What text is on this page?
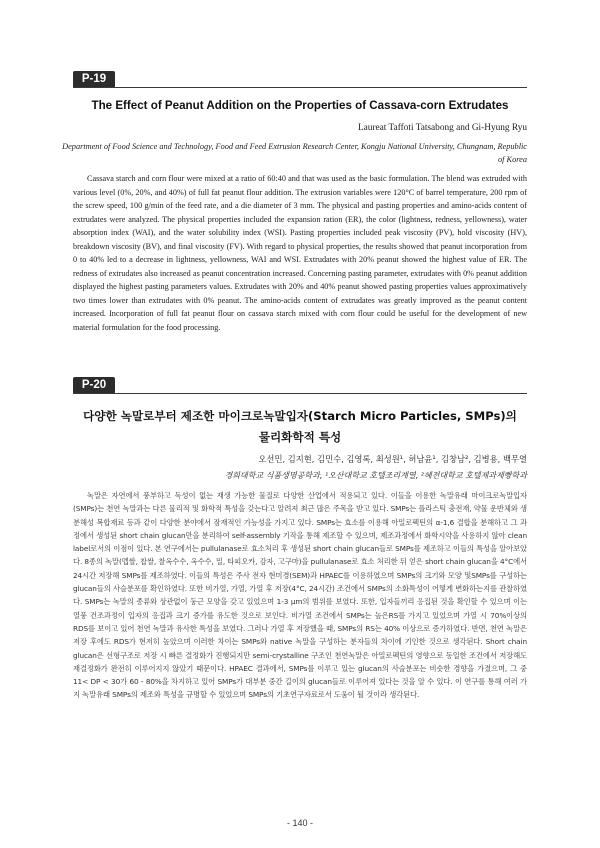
P-19
The Effect of Peanut Addition on the Properties of Cassava-corn Extrudates
Laureat Taffoti Tatsabong and Gi-Hyung Ryu
Department of Food Science and Technology, Food and Feed Extrusion Research Center, Kongju National University, Chungnam, Republic of Korea

Cassava starch and corn flour were mixed at a ratio of 60:40 and that was used as the basic formulation. The blend was extruded with various level (0%, 20%, and 40%) of full fat peanut flour addition. The extrusion variables were 120°C of barrel temperature, 200 rpm of the screw speed, 100 g/min of the feed rate, and a die diameter of 3 mm. The physical and pasting properties and amino-acids content of extrudates were analyzed. The physical properties included the expansion ration (ER), the color (lightness, redness, yellowness), water absorption index (WAI), and the water solubility index (WSI). Pasting properties included peak viscosity (PV), hold viscosity (HV), breakdown viscosity (BV), and final viscosity (FV). With regard to physical properties, the results showed that peanut incorporation from 0 to 40% led to a decrease in lightness, yellowness, WAI and WSI. Extrudates with 20% peanut showed the highest value of ER. The redness of extrudates also increased as peanut concentration increased. Concerning pasting parameter, extrudates with 0% peanut addition displayed the highest pasting parameters values. Extrudates with 20% and 40% peanut showed pasting properties values approximatively two times lower than extrudates with 0% peanut. The amino-acids content of extrudates was greatly improved as the peanut content increased. Incorporation of full fat peanut flour on cassava starch mixed with corn flour could be useful for the development of new material formulation for the food processing.

P-20
다양한 녹말로부터 제조한 마이크로녹말입자(Starch Micro Particles, SMPs)의
물리화학적 특성
오선민, 김지현, 김민수, 김영록, 최성원¹, 허남윤¹, 김창남², 김병용, 백무열
경희대학교 식품생명공학과, ¹오산대학교 호텔조리계열, ²혜전대학교 호텔제과제빵학과

녹말은 자연에서 풍부하고 독성이 없는 재생 가능한 물질로 다양한 산업에서 적용되고 있다. 이들을 이용한 녹말유래 마이크로녹말입자(SMPs)는 천연 녹말과는 다른 물리적 및 화학적 특성을 갖는다고 알려져 최근 많은 주목을 받고 있다. SMPs는 플라스틱 충전재, 약물 운반체와 생분해성 복합재료 등과 같이 다양한 분야에서 잠재적인 가능성을 가지고 있다. SMPs는 효소를 이용해 아밀로펙틴의 α-1,6 결합을 분해하고 그 과정에서 생성된 short chain glucan만을 분리하여 self-assembly 기작을 통해 제조할 수 있으며, 제조과정에서 화학시약을 사용하지 않아 clean label로서의 이점이 있다. 본 연구에서는 pullulanase로 효소처리 후 생성된 short chain glucan들로 SMPs를 제조하고 이들의 특성을 알아보았다. 8종의 녹말(멥쌀, 찹쌀, 찰옥수수, 옥수수, 밀, 타피오카, 감자, 고구마)을 pullulanase로 효소 처리한 뒤 얻은 short chain glucan을 4°C에서 24시간 저장해 SMPs를 제조하였다. 이들의 특성은 주사 전자 현미경(SEM)과 HPAEC를 이용하였으며 SMPs의 크기와 모양 및SMPs를 구성하는 glucan들의 사슬분포를 확인하였다. 또한 비가열, 가열, 가열 후 저장(4°C, 24시간) 조건에서 SMPs의 소화특성이 어떻게 변화하는지를 관찰하였다. SMPs는 녹말의 종류와 상관없이 둥근 모양을 갖고 있었으며 1-3 μm의 범위를 보였다. 또한, 입자들끼리 응집된 것을 확인할 수 있으며 이는열풍 건조과정이 입자의 응집과 크기 증가를 유도한 것으로 보인다. 비가열 조건에서 SMPs는 높은RS를 가지고 있었으며 가열 시 70%이상의 RDS를 보이고 있어 천연 녹말과 유사한 특성을 보였다. 그러나 가열 후 저장했을 때, SMPs의 RS는 40% 이상으로 증가하였다. 반면, 천연 녹말은 저장 후에도 RDS가 현저히 높았으며 이러한 차이는 SMPs와 native 녹말을 구성하는 분자들의 차이에 기인한 것으로 생각된다. Short chain glucan은 선형구조로 저장 시 빠른 결정화가 진행되지만 semi-crystalline 구조인 천연녹말은 아밀로펙틴의 영향으로 동일한 조건에서 저장해도 재결정화가 완전히 이루어지지 않았기 때문이다. HPAEC 결과에서, SMPs를 이루고 있는 glucan의 사슬분포는 비슷한 경향을 가졌으며, 그 중 11< DP < 30가 60 - 80%을 차지하고 있어 SMPs가 대부분 중간 길이의 glucan들로 이루어져 있다는 것을 알 수 있다. 이 연구를 통해 여러 가지 녹말유래 SMPs의 제조와 특성을 규명할 수 있었으며 SMPs의 기초연구자료로서 도움이 될 것이라 생각된다.

- 140 -
